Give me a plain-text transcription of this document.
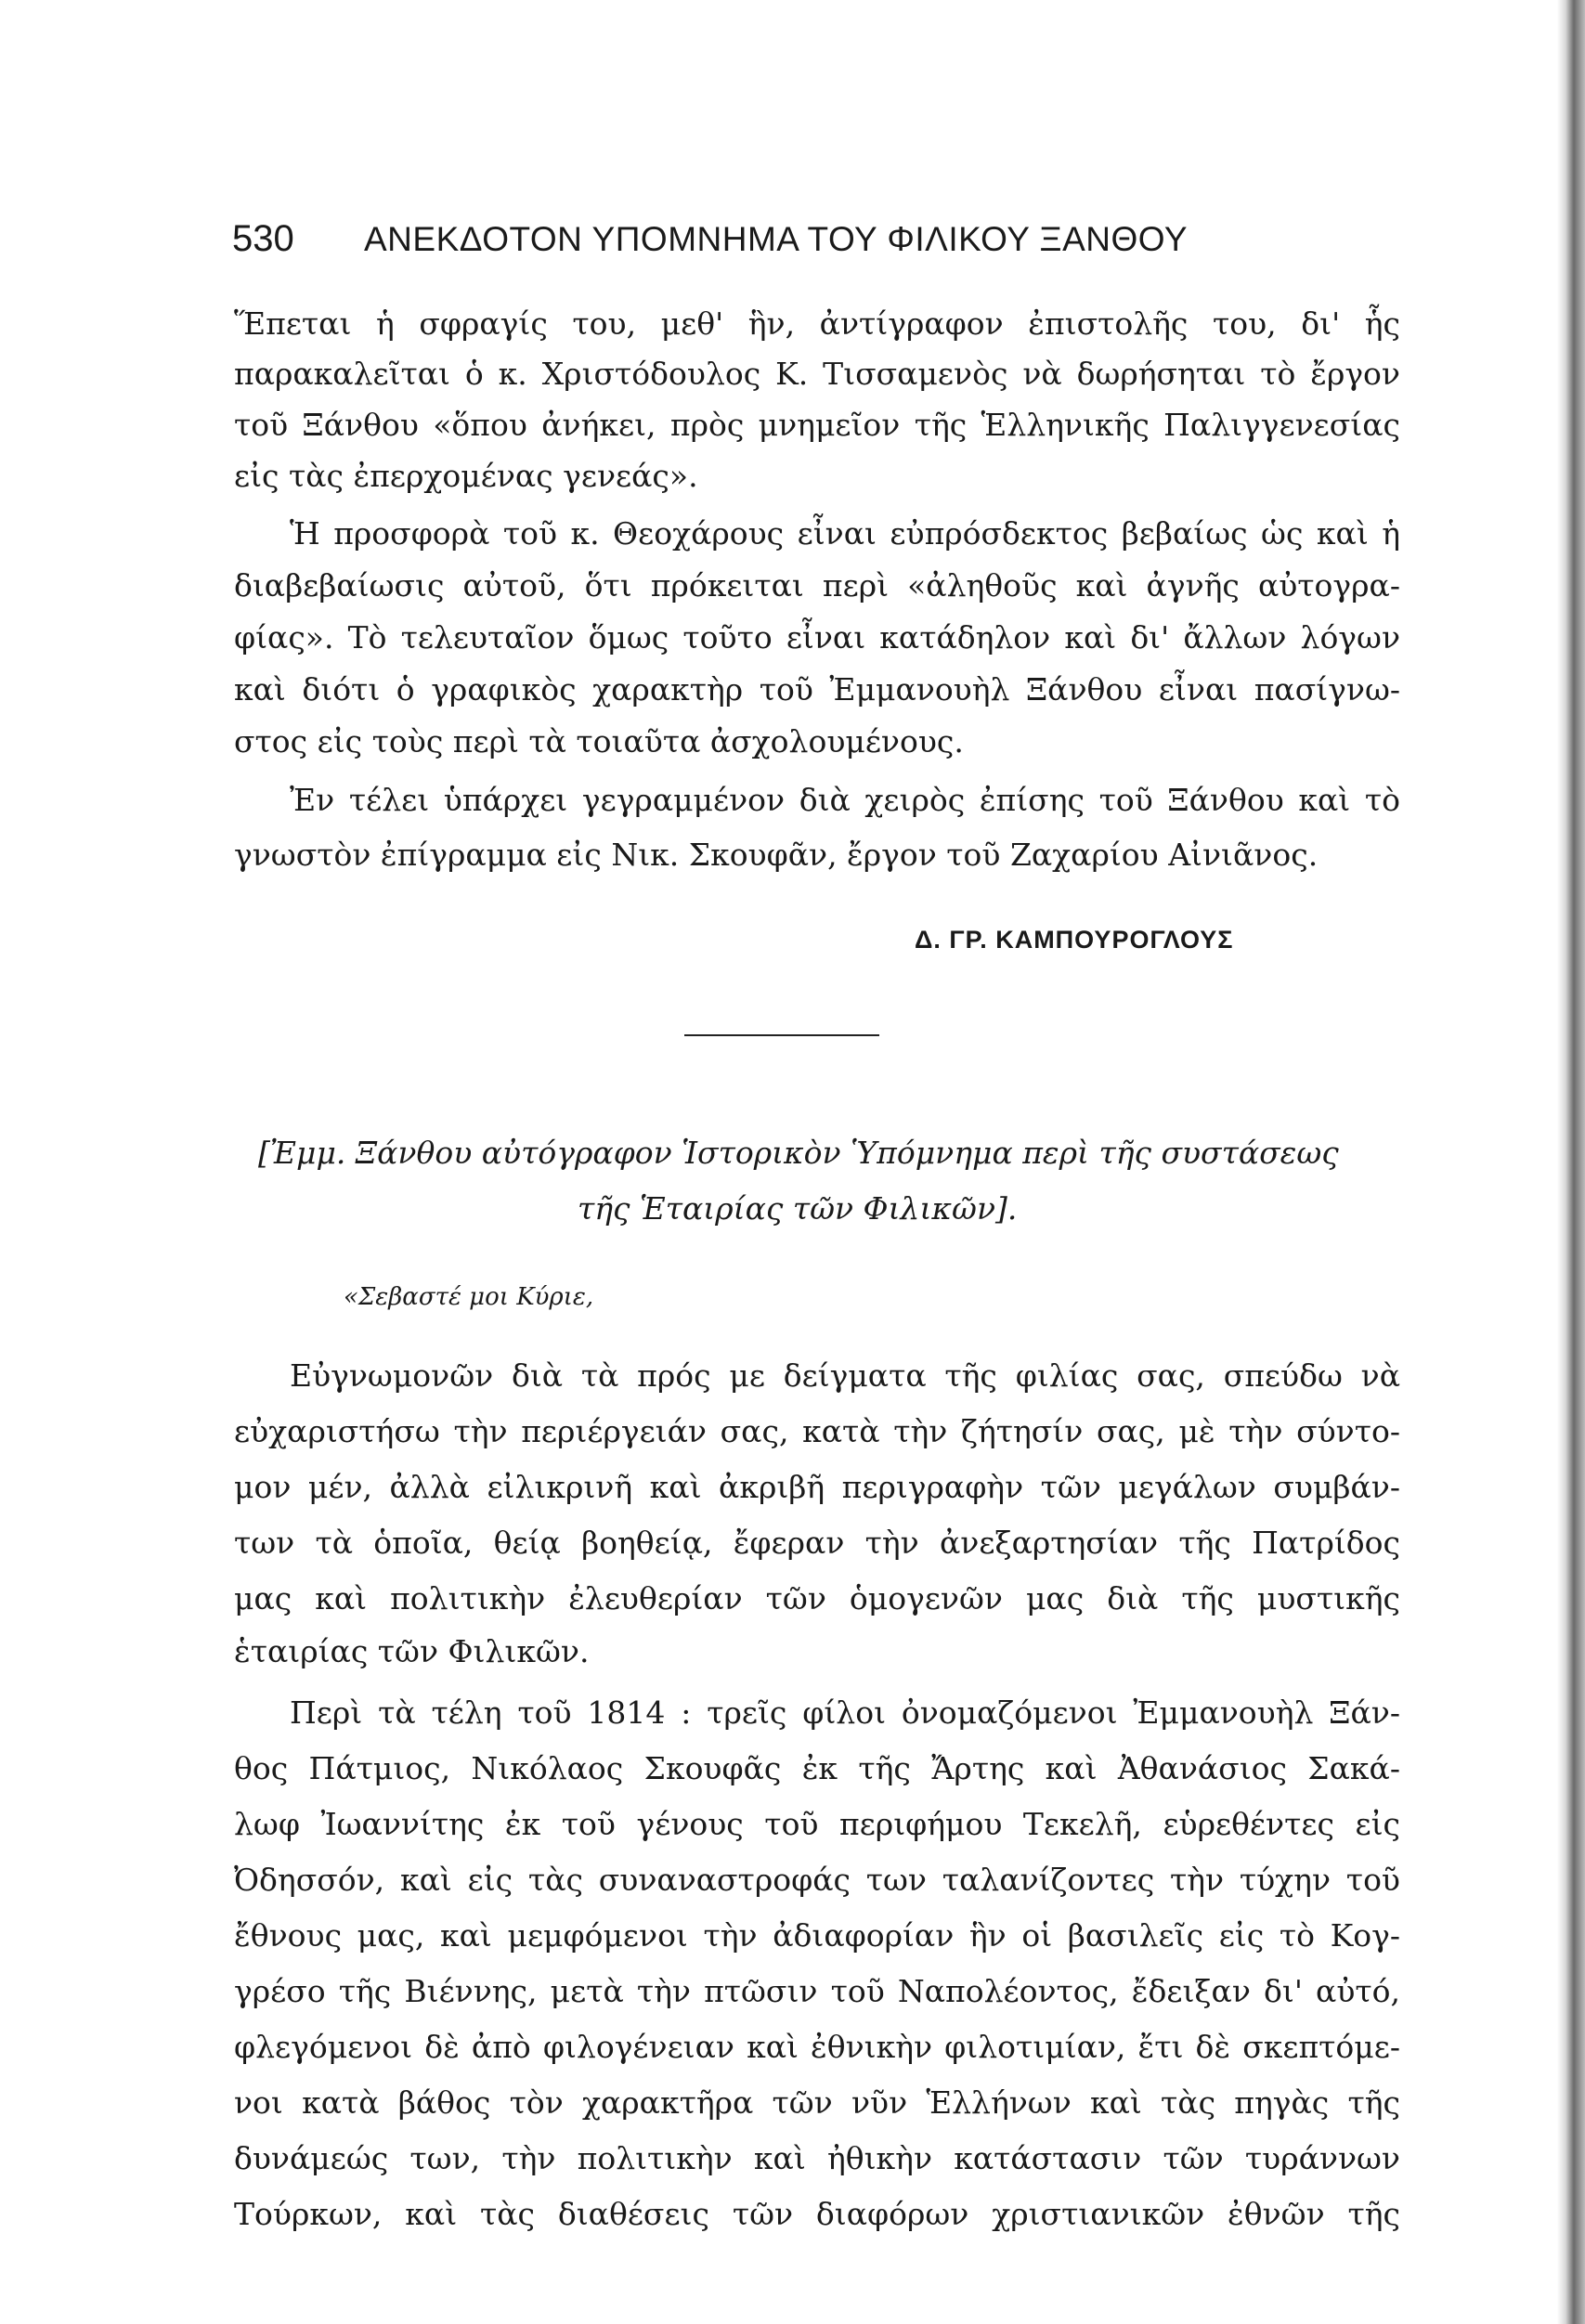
530 ΑΝΕΚΔΟΤΟΝ ΥΠΟΜΝΗΜΑ ΤΟΥ ΦΙΛΙΚΟΥ ΞΑΝΘΟΥ
Ἕπεται ἡ σφραγίς του, μεθ' ἣν, ἀντίγραφον ἐπιστολῆς του, δι' ἧς
παρακαλεῖται ὁ κ. Χριστόδουλος Κ. Τισσαμενὸς νὰ δωρήσηται τὸ ἔργον
τοῦ Ξάνθου «ὅπου ἀνήκει, πρὸς μνημεῖον τῆς Ἑλληνικῆς Παλιγγενεσίας
εἰς τὰς ἐπερχομένας γενεάς».
Ἡ προσφορὰ τοῦ κ. Θεοχάρους εἶναι εὐπρόσδεκτος βεβαίως ὡς καὶ ἡ
διαβεβαίωσις αὐτοῦ, ὅτι πρόκειται περὶ «ἀληθοῦς καὶ ἀγνῆς αὐτογρα-
φίας». Τὸ τελευταῖον ὅμως τοῦτο εἶναι κατάδηλον καὶ δι' ἄλλων λόγων
καὶ διότι ὁ γραφικὸς χαρακτὴρ τοῦ Ἐμμανουὴλ Ξάνθου εἶναι πασίγνω-
στος εἰς τοὺς περὶ τὰ τοιαῦτα ἀσχολουμένους.
Ἐν τέλει ὑπάρχει γεγραμμένον διὰ χειρὸς ἐπίσης τοῦ Ξάνθου καὶ τὸ
γνωστὸν ἐπίγραμμα εἰς Νικ. Σκουφᾶν, ἔργον τοῦ Ζαχαρίου Αἰνιᾶνος.
Δ. ΓΡ. ΚΑΜΠΟΥΡΟΓΛΟΥΣ
[Ἐμμ. Ξάνθου αὐτόγραφον Ἱστορικὸν Ὑπόμνημα περὶ τῆς συστάσεως
τῆς Ἑταιρίας τῶν Φιλικῶν].
«Σεβαστέ μοι Κύριε,
Εὐγνωμονῶν διὰ τὰ πρός με δείγματα τῆς φιλίας σας, σπεύδω νὰ
εὐχαριστήσω τὴν περιέργειάν σας, κατὰ τὴν ζήτησίν σας, μὲ τὴν σύντο-
μον μέν, ἀλλὰ εἰλικρινῆ καὶ ἀκριβῆ περιγραφὴν τῶν μεγάλων συμβάν-
των τὰ ὁποῖα, θείᾳ βοηθείᾳ, ἔφεραν τὴν ἀνεξαρτησίαν τῆς Πατρίδος
μας καὶ πολιτικὴν ἐλευθερίαν τῶν ὁμογενῶν μας διὰ τῆς μυστικῆς
ἑταιρίας τῶν Φιλικῶν.
Περὶ τὰ τέλη τοῦ 1814 : τρεῖς φίλοι ὀνομαζόμενοι Ἐμμανουὴλ Ξάν-
θος Πάτμιος, Νικόλαος Σκουφᾶς ἐκ τῆς Ἄρτης καὶ Ἀθανάσιος Σακά-
λωφ Ἰωαννίτης ἐκ τοῦ γένους τοῦ περιφήμου Τεκελῆ, εὑρεθέντες εἰς
Ὀδησσόν, καὶ εἰς τὰς συναναστροφάς των ταλανίζοντες τὴν τύχην τοῦ
ἔθνους μας, καὶ μεμφόμενοι τὴν ἀδιαφορίαν ἣν οἱ βασιλεῖς εἰς τὸ Κογ-
γρέσο τῆς Βιέννης, μετὰ τὴν πτῶσιν τοῦ Ναπολέοντος, ἔδειξαν δι' αὐτό,
φλεγόμενοι δὲ ἀπὸ φιλογένειαν καὶ ἐθνικὴν φιλοτιμίαν, ἔτι δὲ σκεπτόμε-
νοι κατὰ βάθος τὸν χαρακτῆρα τῶν νῦν Ἑλλήνων καὶ τὰς πηγὰς τῆς
δυνάμεώς των, τὴν πολιτικὴν καὶ ἠθικὴν κατάστασιν τῶν τυράννων
Τούρκων, καὶ τὰς διαθέσεις τῶν διαφόρων χριστιανικῶν ἐθνῶν τῆς
